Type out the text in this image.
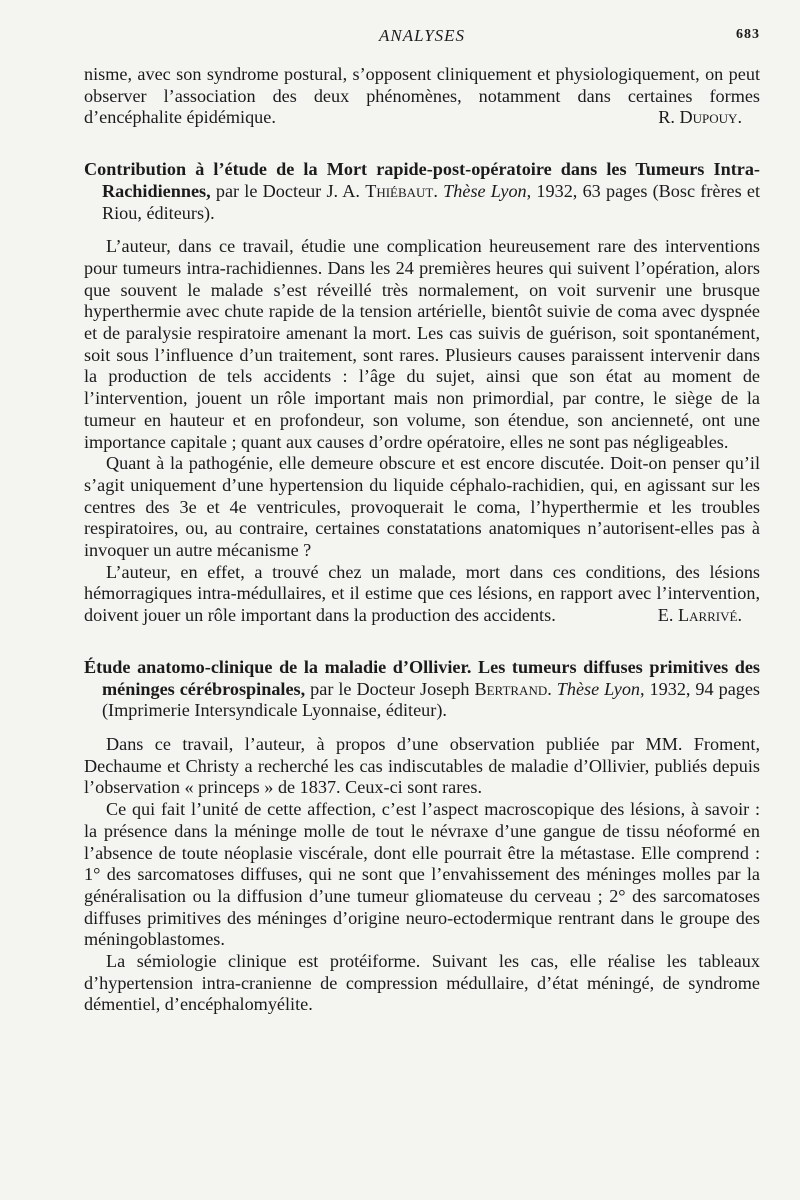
ANALYSES	683

nisme, avec son syndrome postural, s’opposent cliniquement et physiologiquement, on peut observer l’association des deux phénomènes, notamment dans certaines formes d’encéphalite épidémique.	R. Dupouy.

Contribution à l’étude de la Mort rapide-post-opératoire dans les Tumeurs Intra-Rachidiennes, par le Docteur J. A. Thiébaut. Thèse Lyon, 1932, 63 pages (Bosc frères et Riou, éditeurs).

L’auteur, dans ce travail, étudie une complication heureusement rare des interventions pour tumeurs intra-rachidiennes. Dans les 24 premières heures qui suivent l’opération, alors que souvent le malade s’est réveillé très normalement, on voit survenir une brusque hyperthermie avec chute rapide de la tension artérielle, bientôt suivie de coma avec dyspnée et de paralysie respiratoire amenant la mort. Les cas suivis de guérison, soit spontanément, soit sous l’influence d’un traitement, sont rares. Plusieurs causes paraissent intervenir dans la production de tels accidents : l’âge du sujet, ainsi que son état au moment de l’intervention, jouent un rôle important mais non primordial, par contre, le siège de la tumeur en hauteur et en profondeur, son volume, son étendue, son ancienneté, ont une importance capitale ; quant aux causes d’ordre opératoire, elles ne sont pas négligeables.

Quant à la pathogénie, elle demeure obscure et est encore discutée. Doit-on penser qu’il s’agit uniquement d’une hypertension du liquide céphalo-rachidien, qui, en agissant sur les centres des 3e et 4e ventricules, provoquerait le coma, l’hyperthermie et les troubles respiratoires, ou, au contraire, certaines constatations anatomiques n’autorisent-elles pas à invoquer un autre mécanisme ?

L’auteur, en effet, a trouvé chez un malade, mort dans ces conditions, des lésions hémorragiques intra-médullaires, et il estime que ces lésions, en rapport avec l’intervention, doivent jouer un rôle important dans la production des accidents.	E. Larrivé.

Étude anatomo-clinique de la maladie d’Ollivier. Les tumeurs diffuses primitives des méninges cérébrospinales, par le Docteur Joseph Bertrand. Thèse Lyon, 1932, 94 pages (Imprimerie Intersyndicale Lyonnaise, éditeur).

Dans ce travail, l’auteur, à propos d’une observation publiée par MM. Froment, Dechaume et Christy a recherché les cas indiscutables de maladie d’Ollivier, publiés depuis l’observation « princeps » de 1837. Ceux-ci sont rares.

Ce qui fait l’unité de cette affection, c’est l’aspect macroscopique des lésions, à savoir : la présence dans la méninge molle de tout le névraxe d’une gangue de tissu néoformé en l’absence de toute néoplasie viscérale, dont elle pourrait être la métastase. Elle comprend : 1° des sarcomatoses diffuses, qui ne sont que l’envahissement des méninges molles par la généralisation ou la diffusion d’une tumeur gliomateuse du cerveau ; 2° des sarcomatoses diffuses primitives des méninges d’origine neuro-ectodermique rentrant dans le groupe des méningoblastomes.

La sémiologie clinique est protéiforme. Suivant les cas, elle réalise les tableaux d’hypertension intra-cranienne de compression médullaire, d’état méningé, de syndrome démentiel, d’encéphalomyélite.
